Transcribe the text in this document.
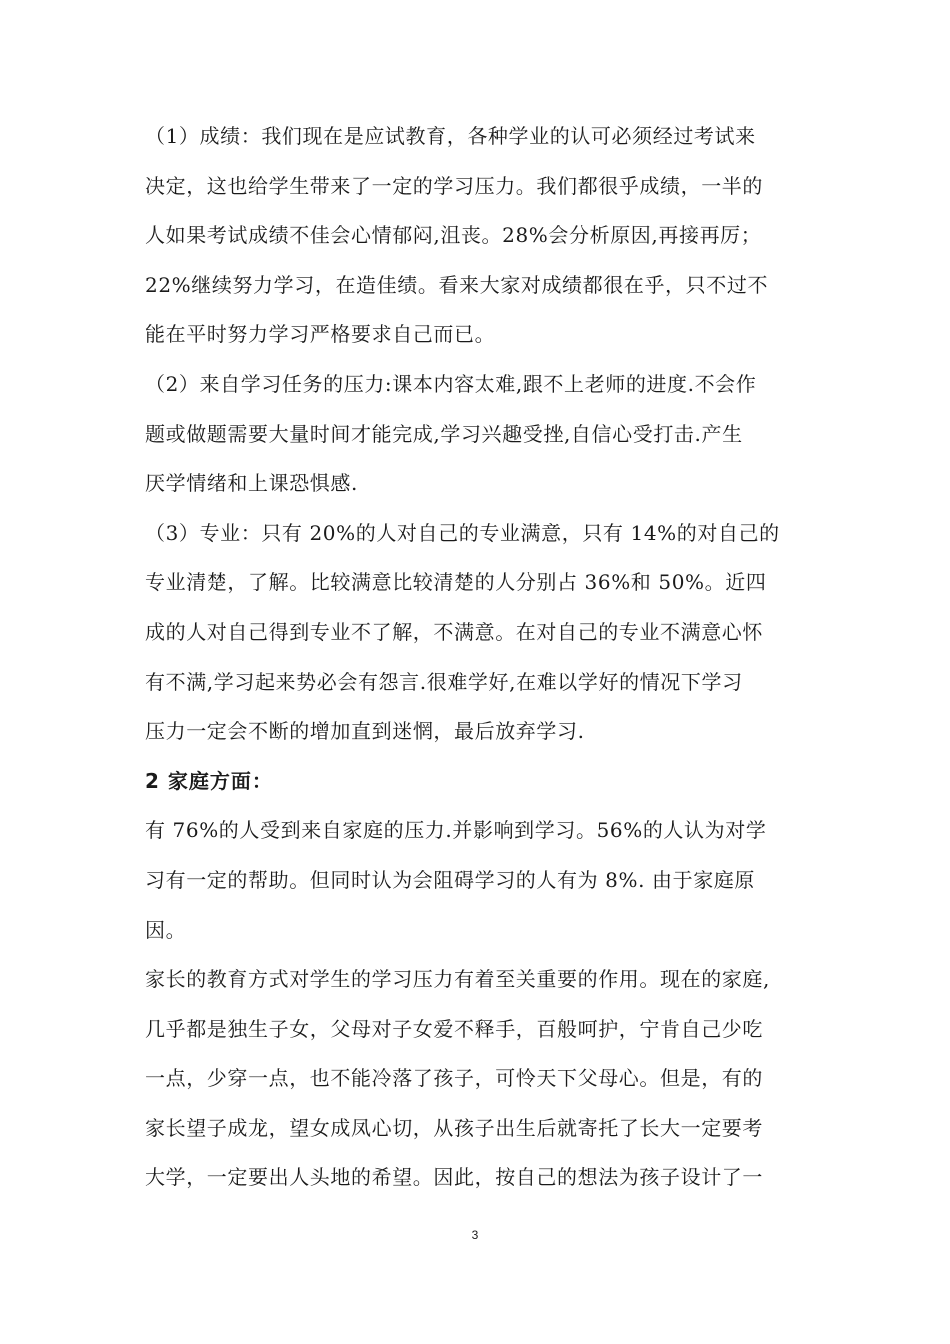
（1）成绩：我们现在是应试教育，各种学业的认可必须经过考试来
决定，这也给学生带来了一定的学习压力。我们都很乎成绩，一半的
人如果考试成绩不佳会心情郁闷,沮丧。28%会分析原因,再接再厉；
22%继续努力学习，在造佳绩。看来大家对成绩都很在乎，只不过不
能在平时努力学习严格要求自己而已。
（2）来自学习任务的压力:课本内容太难,跟不上老师的进度.不会作
题或做题需要大量时间才能完成,学习兴趣受挫,自信心受打击.产生
厌学情绪和上课恐惧感.
（3）专业：只有 20%的人对自己的专业满意，只有 14%的对自己的
专业清楚，了解。比较满意比较清楚的人分别占 36%和 50%。近四
成的人对自己得到专业不了解，不满意。在对自己的专业不满意心怀
有不满,学习起来势必会有怨言.很难学好,在难以学好的情况下学习
压力一定会不断的增加直到迷惘，最后放弃学习.
2 家庭方面：
有 76%的人受到来自家庭的压力.并影响到学习。56%的人认为对学
习有一定的帮助。但同时认为会阻碍学习的人有为 8%. 由于家庭原
因。
家长的教育方式对学生的学习压力有着至关重要的作用。现在的家庭,
几乎都是独生子女，父母对子女爱不释手，百般呵护，宁肯自己少吃
一点，少穿一点，也不能冷落了孩子，可怜天下父母心。但是，有的
家长望子成龙，望女成凤心切，从孩子出生后就寄托了长大一定要考
大学，一定要出人头地的希望。因此，按自己的想法为孩子设计了一
3
